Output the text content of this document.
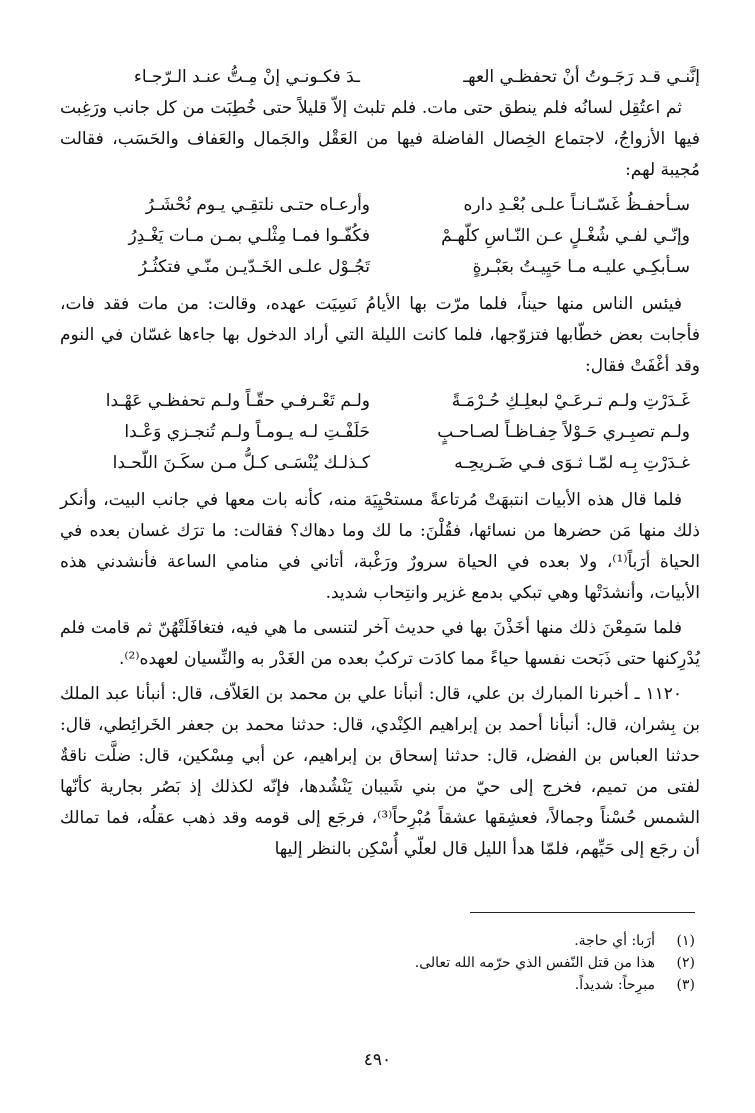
إنَّنـي قـد رَجَـوتُ أنْ تحفظـي العهـ
ـدَ فكـونـي إنْ مِـتُّ عنـد الـرّجـاء

ثم اعتُقِل لسانُه فلم ينطق حتى مات. فلم تلبث إلاّ قليلاً حتى خُطِبَت من كل جانب ورَغِبت فيها الأزواجُ، لاجتماع الخِصال الفاضلة فيها من العَقْل والجَمال والعَفاف والحَسَب، فقالت مُجيبة لهم:

سـأحفـظُ غَسّـانـاً علـى بُعْـدِ داره
وأرعـاه حتـى نلتقِـي يـوم نُحْشَـرُ
وإنّـي لفـي شُغْـلٍ عـن النّـاسِ كلّهـمْ
فكُفّـوا فمـا مِثْلـي بمـن مـات يَغْـدِرُ
سـأبكِـي عليـه مـا حَيِيـتُ بعَبْـرةٍ
تَجُـوْل علـى الخَـدّيـن منّـي فتكثُـرُ

فيئس الناس منها حيناً، فلما مرّت بها الأيامُ نَسِيَت عهده، وقالت: من مات فقد فات، فأجابت بعض خطّابها فتزوّجها، فلما كانت الليلة التي أراد الدخول بها جاءها غسّان في النوم وقد أغْفَتْ فقال:

غَـدَرْتِ ولـم تـرعَـيْ لبعلِـكِ حُـرْمَـةً
ولـم تَعْـرفـي حقّـاً ولـم تحفظـي عَهْـدا
ولـم تصبِـري حَـوْلاً حِفـاظـاً لصـاحـبٍ
حَلَفْـتِ لـه يـومـاً ولـم تُنجـزي وَعْـدا
غـدَرْتِ بِـه لمّـا ثـوَى فـي ضَـريحِـه
كـذلـك يُنْسَـى كـلُّ مـن سكَـنَ اللّحـدا

فلما قال هذه الأبيات انتبهَتْ مُرتاعةً مستحْيِيَة منه، كأنه بات معها في جانب البيت، وأنكر ذلك منها مَن حضرها من نسائها، فقُلْنَ: ما لك وما دهاك؟ فقالت: ما ترَك غسان بعده في الحياة أرَباً⁽¹⁾، ولا بعده في الحياة سرورٌ ورَغْبة، أتاني في منامي الساعة فأنشدني هذه الأبيات، وأنشدَتْها وهي تبكي بدمع غزير وانتِحاب شديد.

فلما سَمِعْنَ ذلك منها أخَذْنَ بها في حديث آخر لتنسى ما هي فيه، فتغافَلَتْهُنّ ثم قامت فلم يُدْرِكنها حتى ذَبَحت نفسها حياءً مما كادَت تركبُ بعده من الغَدْر به والنِّسيان لعهده⁽²⁾.

١١٢٠ ـ أخبرنا المبارك بن علي، قال: أنبأنا علي بن محمد بن العَلاّف، قال: أنبأنا عبد الملك بن بِشران، قال: أنبأنا أحمد بن إبراهيم الكِنْدي، قال: حدثنا محمد بن جعفر الخَرائِطي، قال: حدثنا العباس بن الفضل، قال: حدثنا إسحاق بن إبراهيم، عن أبي مِسْكين، قال: ضلَّت ناقةٌ لفتى من تميم، فخرج إلى حيّ من بني شَيبان يَنْشُدها، فإنّه لكذلك إذ بَصُر بجارية كأنّها الشمس حُسْناً وجمالاً، فعشِقها عشقاً مُبْرِحاً⁽³⁾، فرجَع إلى قومه وقد ذهب عقلُه، فما تمالك أن رجَع إلى حَيِّهم، فلمّا هدأ الليل قال لعلّي أُسْكِن بالنظر إليها

(١)
أرَبا: أي حاجة.
(٢)
هذا من قتل النّفس الذي حرّمه الله تعالى.
(٣)
مبرِحاً: شديداً.
٤٩٠
